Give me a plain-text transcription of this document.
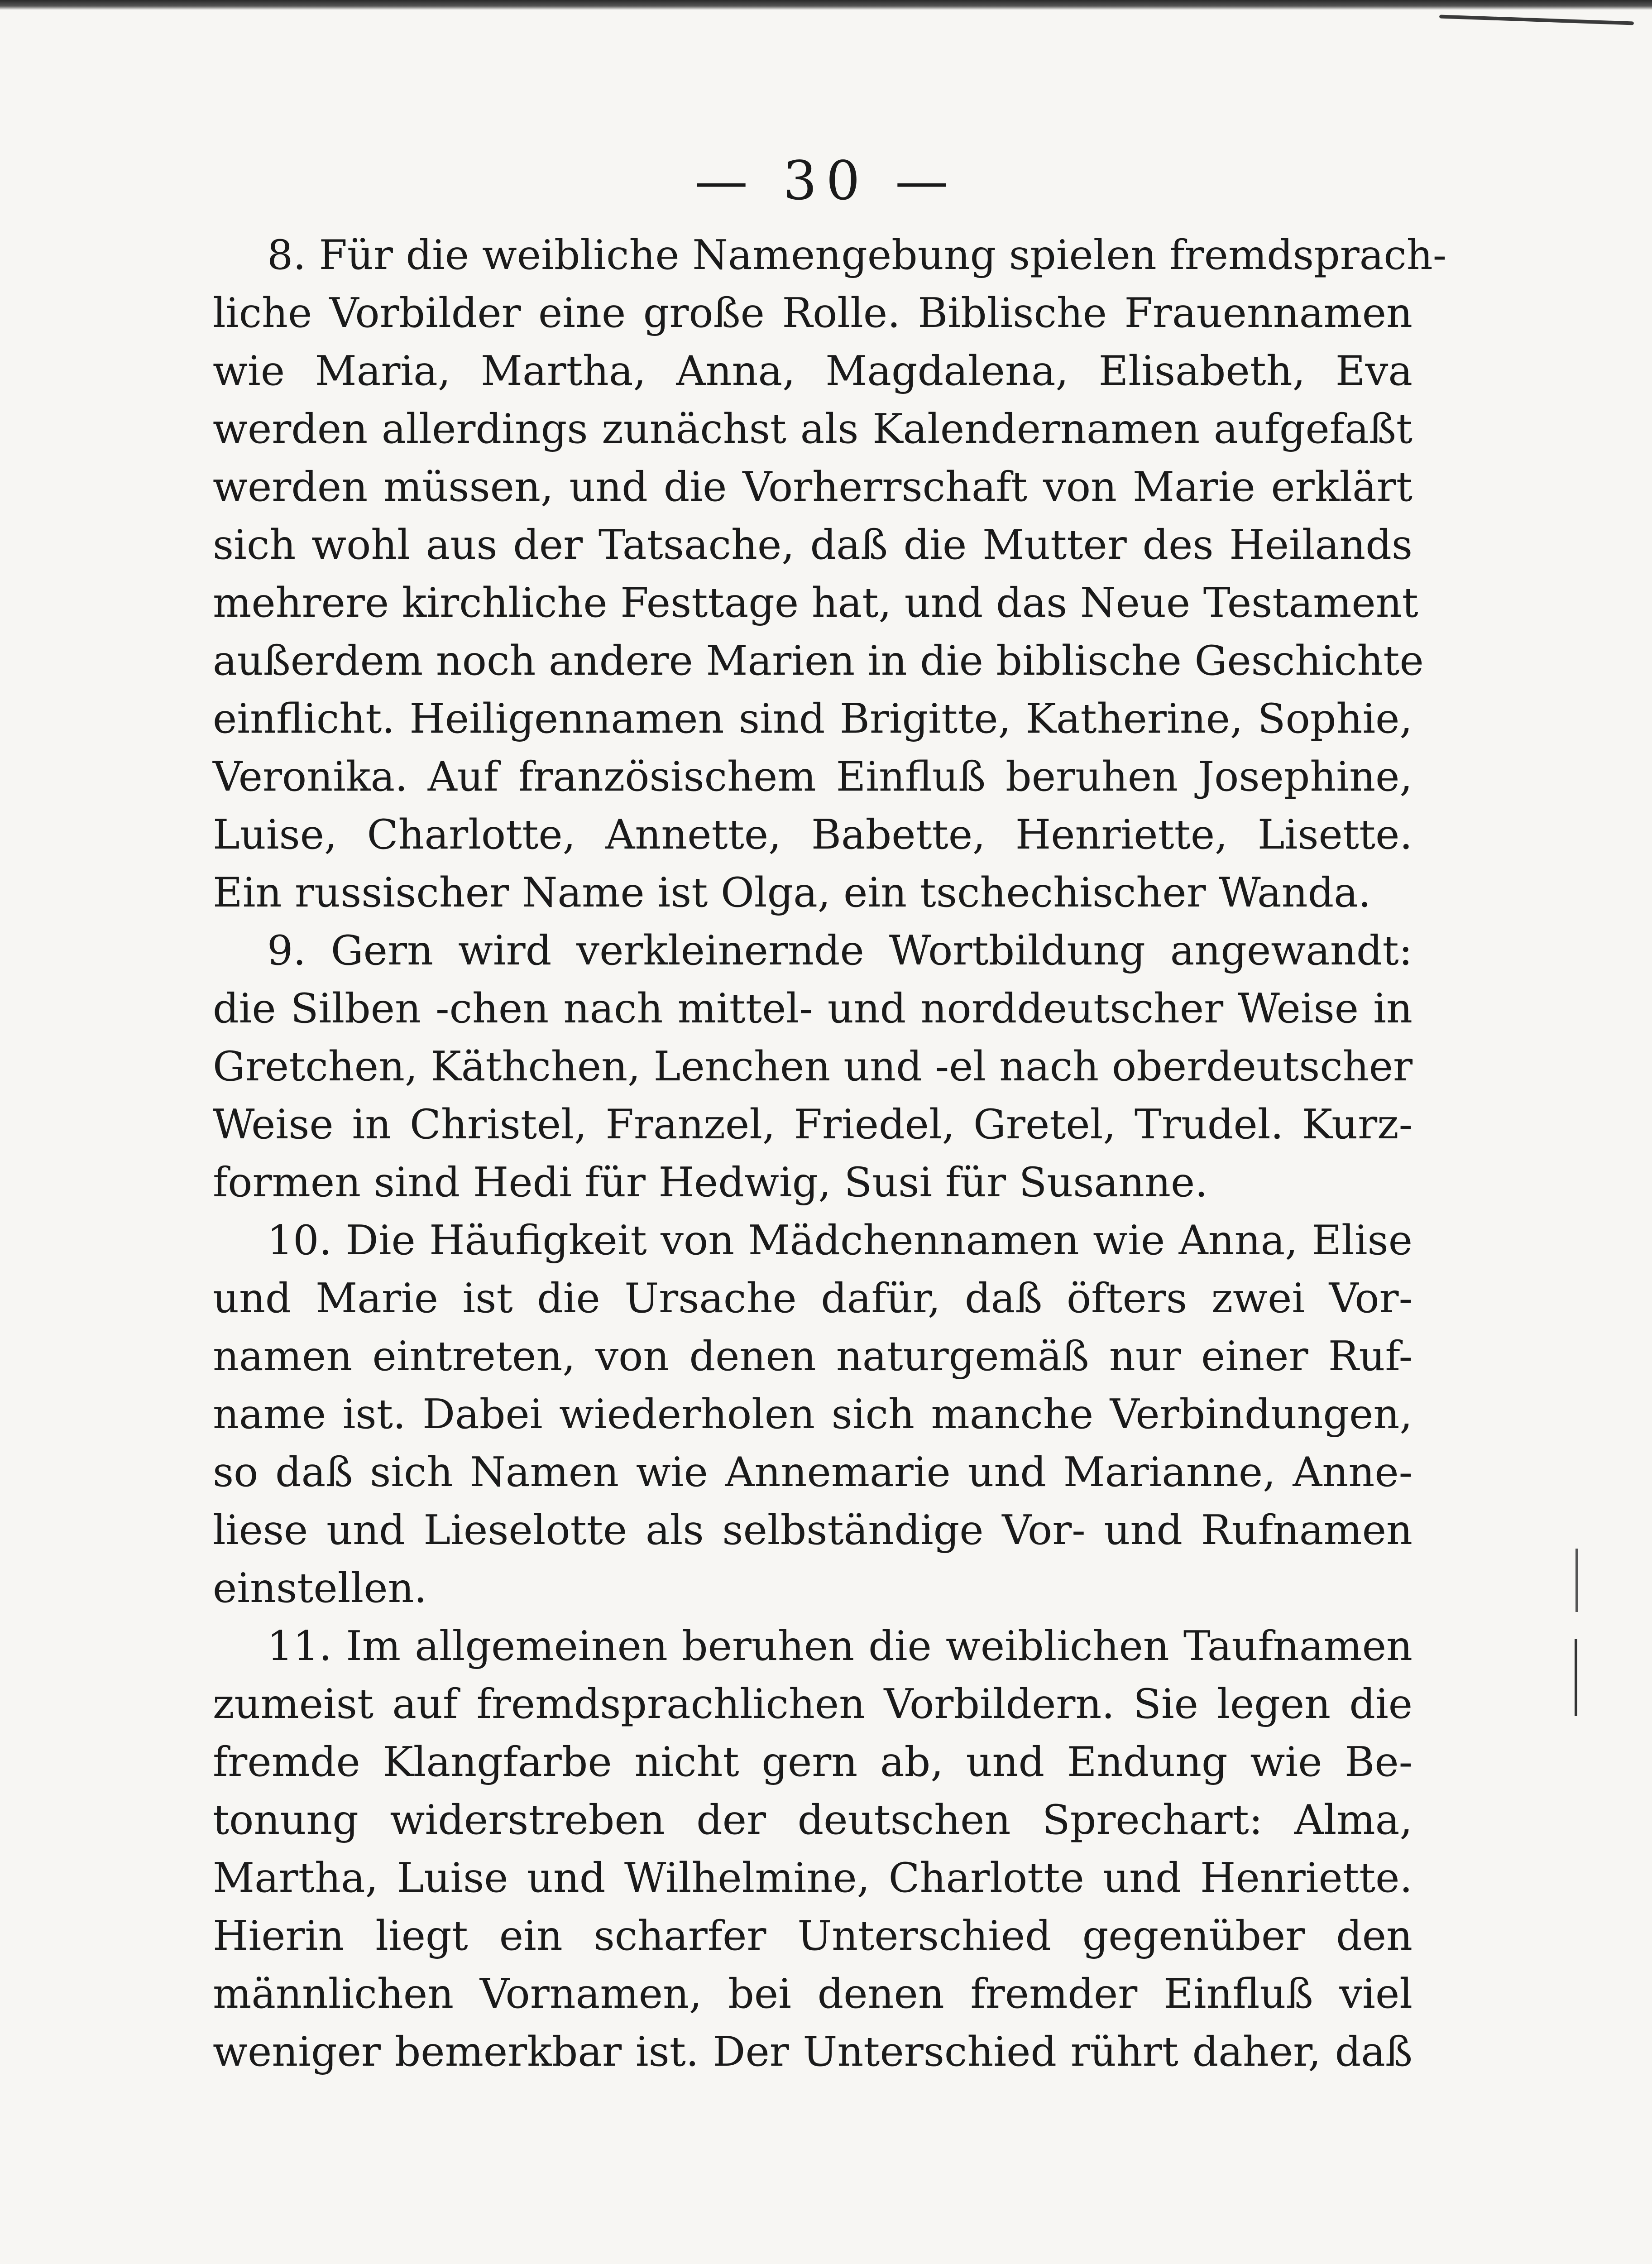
— 30 —

8. Für die weibliche Namengebung spielen fremdsprach-
liche Vorbilder eine große Rolle. Biblische Frauennamen
wie Maria, Martha, Anna, Magdalena, Elisabeth, Eva
werden allerdings zunächst als Kalendernamen aufgefaßt
werden müssen, und die Vorherrschaft von Marie erklärt
sich wohl aus der Tatsache, daß die Mutter des Heilands
mehrere kirchliche Festtage hat, und das Neue Testament
außerdem noch andere Marien in die biblische Geschichte
einflicht. Heiligennamen sind Brigitte, Katherine, Sophie,
Veronika. Auf französischem Einfluß beruhen Josephine,
Luise, Charlotte, Annette, Babette, Henriette, Lisette.
Ein russischer Name ist Olga, ein tschechischer Wanda.

9. Gern wird verkleinernde Wortbildung angewandt:
die Silben -chen nach mittel- und norddeutscher Weise in
Gretchen, Käthchen, Lenchen und -el nach oberdeutscher
Weise in Christel, Franzel, Friedel, Gretel, Trudel. Kurz-
formen sind Hedi für Hedwig, Susi für Susanne.

10. Die Häufigkeit von Mädchennamen wie Anna, Elise
und Marie ist die Ursache dafür, daß öfters zwei Vor-
namen eintreten, von denen naturgemäß nur einer Ruf-
name ist. Dabei wiederholen sich manche Verbindungen,
so daß sich Namen wie Annemarie und Marianne, Anne-
liese und Lieselotte als selbständige Vor- und Rufnamen
einstellen.

11. Im allgemeinen beruhen die weiblichen Taufnamen
zumeist auf fremdsprachlichen Vorbildern. Sie legen die
fremde Klangfarbe nicht gern ab, und Endung wie Be-
tonung widerstreben der deutschen Sprechart: Alma,
Martha, Luise und Wilhelmine, Charlotte und Henriette.
Hierin liegt ein scharfer Unterschied gegenüber den
männlichen Vornamen, bei denen fremder Einfluß viel
weniger bemerkbar ist. Der Unterschied rührt daher, daß
